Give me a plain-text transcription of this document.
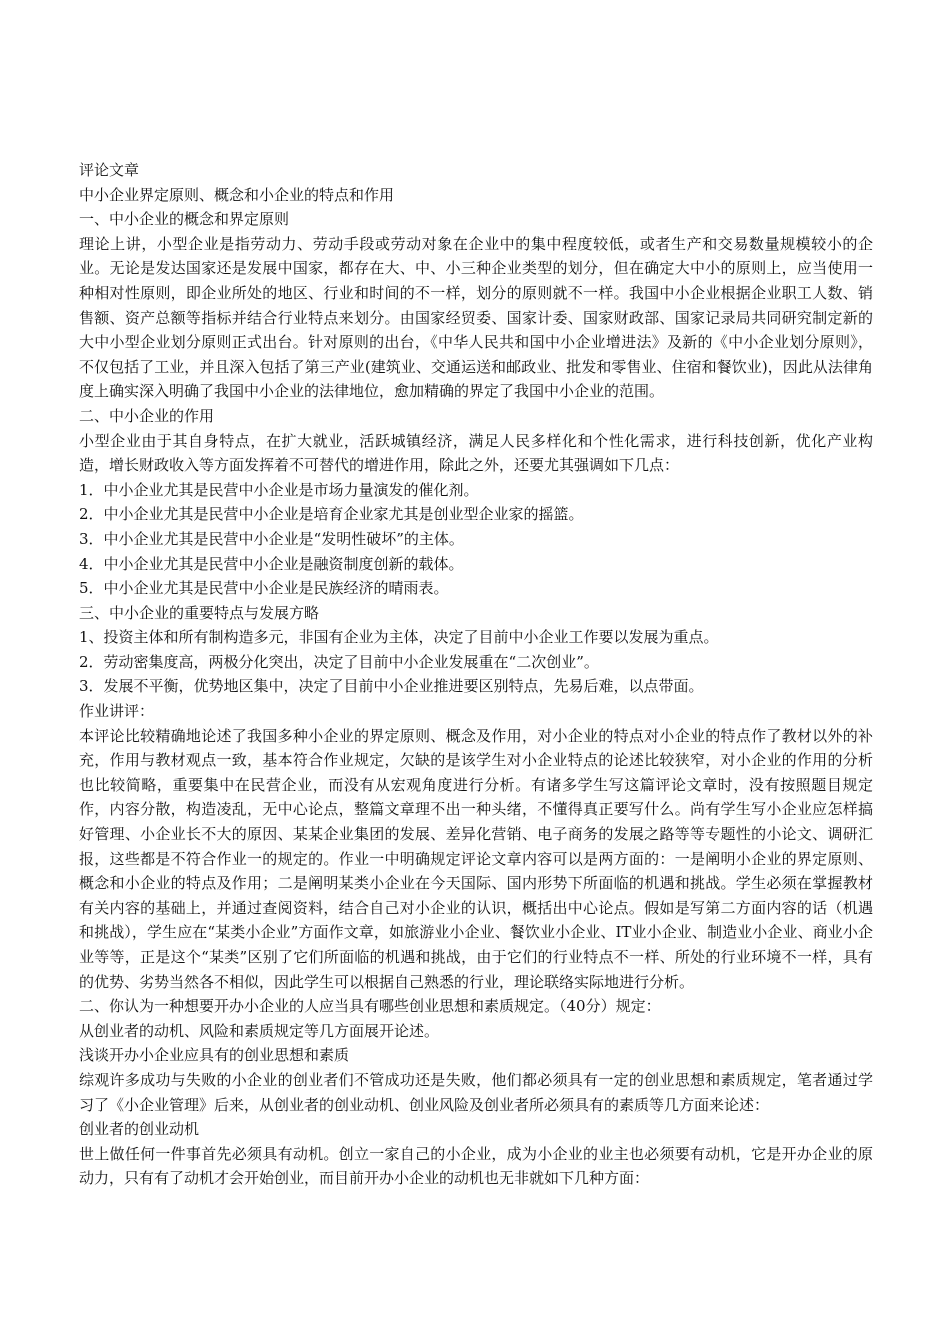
评论文章

中小企业界定原则、概念和小企业的特点和作用

一、中小企业的概念和界定原则

理论上讲，小型企业是指劳动力、劳动手段或劳动对象在企业中的集中程度较低，或者生产和交易数量规模较小的企业。无论是发达国家还是发展中国家，都存在大、中、小三种企业类型的划分，但在确定大中小的原则上，应当使用一种相对性原则，即企业所处的地区、行业和时间的不一样，划分的原则就不一样。我国中小企业根据企业职工人数、销售额、资产总额等指标并结合行业特点来划分。由国家经贸委、国家计委、国家财政部、国家记录局共同研究制定新的大中小型企业划分原则正式出台。针对原则的出台，《中华人民共和国中小企业增进法》及新的《中小企业划分原则》，不仅包括了工业，并且深入包括了第三产业(建筑业、交通运送和邮政业、批发和零售业、住宿和餐饮业)，因此从法律角度上确实深入明确了我国中小企业的法律地位，愈加精确的界定了我国中小企业的范围。

二、中小企业的作用

小型企业由于其自身特点，在扩大就业，活跃城镇经济，满足人民多样化和个性化需求，进行科技创新，优化产业构造，增长财政收入等方面发挥着不可替代的增进作用，除此之外，还要尤其强调如下几点：

1．中小企业尤其是民营中小企业是市场力量演发的催化剂。

2．中小企业尤其是民营中小企业是培育企业家尤其是创业型企业家的摇篮。

3．中小企业尤其是民营中小企业是“发明性破坏”的主体。

4．中小企业尤其是民营中小企业是融资制度创新的载体。

5．中小企业尤其是民营中小企业是民族经济的晴雨表。

三、中小企业的重要特点与发展方略

1、投资主体和所有制构造多元，非国有企业为主体，决定了目前中小企业工作要以发展为重点。

2．劳动密集度高，两极分化突出，决定了目前中小企业发展重在“二次创业”。

3．发展不平衡，优势地区集中，决定了目前中小企业推进要区别特点，先易后难，以点带面。

作业讲评：

本评论比较精确地论述了我国多种小企业的界定原则、概念及作用，对小企业的特点对小企业的特点作了教材以外的补充，作用与教材观点一致，基本符合作业规定，欠缺的是该学生对小企业特点的论述比较狭窄，对小企业的作用的分析也比较简略，重要集中在民营企业，而没有从宏观角度进行分析。有诸多学生写这篇评论文章时，没有按照题目规定作，内容分散，构造凌乱，无中心论点，整篇文章理不出一种头绪，不懂得真正要写什么。尚有学生写小企业应怎样搞好管理、小企业长不大的原因、某某企业集团的发展、差异化营销、电子商务的发展之路等等专题性的小论文、调研汇报，这些都是不符合作业一的规定的。作业一中明确规定评论文章内容可以是两方面的：一是阐明小企业的界定原则、概念和小企业的特点及作用；二是阐明某类小企业在今天国际、国内形势下所面临的机遇和挑战。学生必须在掌握教材有关内容的基础上，并通过查阅资料，结合自己对小企业的认识，概括出中心论点。假如是写第二方面内容的话（机遇和挑战），学生应在“某类小企业”方面作文章，如旅游业小企业、餐饮业小企业、IT业小企业、制造业小企业、商业小企业等等，正是这个“某类”区别了它们所面临的机遇和挑战，由于它们的行业特点不一样、所处的行业环境不一样，具有的优势、劣势当然各不相似，因此学生可以根据自己熟悉的行业，理论联络实际地进行分析。

二、你认为一种想要开办小企业的人应当具有哪些创业思想和素质规定。（40分）规定：

从创业者的动机、风险和素质规定等几方面展开论述。

浅谈开办小企业应具有的创业思想和素质

综观许多成功与失败的小企业的创业者们不管成功还是失败，他们都必须具有一定的创业思想和素质规定，笔者通过学习了《小企业管理》后来，从创业者的创业动机、创业风险及创业者所必须具有的素质等几方面来论述：

创业者的创业动机

世上做任何一件事首先必须具有动机。创立一家自己的小企业，成为小企业的业主也必须要有动机，它是开办企业的原动力，只有有了动机才会开始创业，而目前开办小企业的动机也无非就如下几种方面：
